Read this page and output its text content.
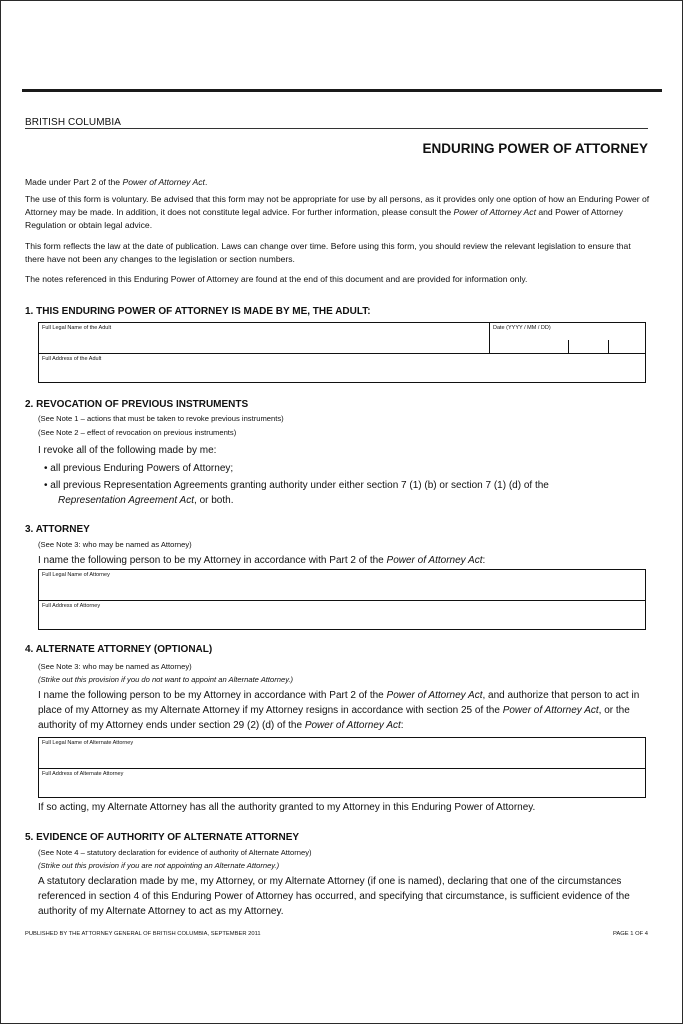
BRITISH COLUMBIA
ENDURING POWER OF ATTORNEY
Made under Part 2 of the Power of Attorney Act.
The use of this form is voluntary. Be advised that this form may not be appropriate for use by all persons, as it provides only one option of how an Enduring Power of Attorney may be made. In addition, it does not constitute legal advice. For further information, please consult the Power of Attorney Act and Power of Attorney Regulation or obtain legal advice.
This form reflects the law at the date of publication. Laws can change over time. Before using this form, you should review the relevant legislation to ensure that there have not been any changes to the legislation or section numbers.
The notes referenced in this Enduring Power of Attorney are found at the end of this document and are provided for information only.
1. THIS ENDURING POWER OF ATTORNEY IS MADE BY ME, THE ADULT:
Full Legal Name of the Adult	Date (YYYY / MM / DD)
Full Address of the Adult
2. REVOCATION OF PREVIOUS INSTRUMENTS
(See Note 1 – actions that must be taken to revoke previous instruments)
(See Note 2 – effect of revocation on previous instruments)
I revoke all of the following made by me:
• all previous Enduring Powers of Attorney;
• all previous Representation Agreements granting authority under either section 7 (1) (b) or section 7 (1) (d) of the
Representation Agreement Act, or both.
3. ATTORNEY
(See Note 3: who may be named as Attorney)
I name the following person to be my Attorney in accordance with Part 2 of the Power of Attorney Act:
Full Legal Name of Attorney
Full Address of Attorney
4. ALTERNATE ATTORNEY (OPTIONAL)
(See Note 3: who may be named as Attorney)
(Strike out this provision if you do not want to appoint an Alternate Attorney.)
I name the following person to be my Attorney in accordance with Part 2 of the Power of Attorney Act, and authorize that person to act in place of my Attorney as my Alternate Attorney if my Attorney resigns in accordance with section 25 of the Power of Attorney Act, or the authority of my Attorney ends under section 29 (2) (d) of the Power of Attorney Act:
Full Legal Name of Alternate Attorney
Full Address of Alternate Attorney
If so acting, my Alternate Attorney has all the authority granted to my Attorney in this Enduring Power of Attorney.
5. EVIDENCE OF AUTHORITY OF ALTERNATE ATTORNEY
(See Note 4 – statutory declaration for evidence of authority of Alternate Attorney)
(Strike out this provision if you are not appointing an Alternate Attorney.)
A statutory declaration made by me, my Attorney, or my Alternate Attorney (if one is named), declaring that one of the circumstances referenced in section 4 of this Enduring Power of Attorney has occurred, and specifying that circumstance, is sufficient evidence of the authority of my Alternate Attorney to act as my Attorney.
PUBLISHED BY THE ATTORNEY GENERAL OF BRITISH COLUMBIA, SEPTEMBER 2011	PAGE 1 OF 4
